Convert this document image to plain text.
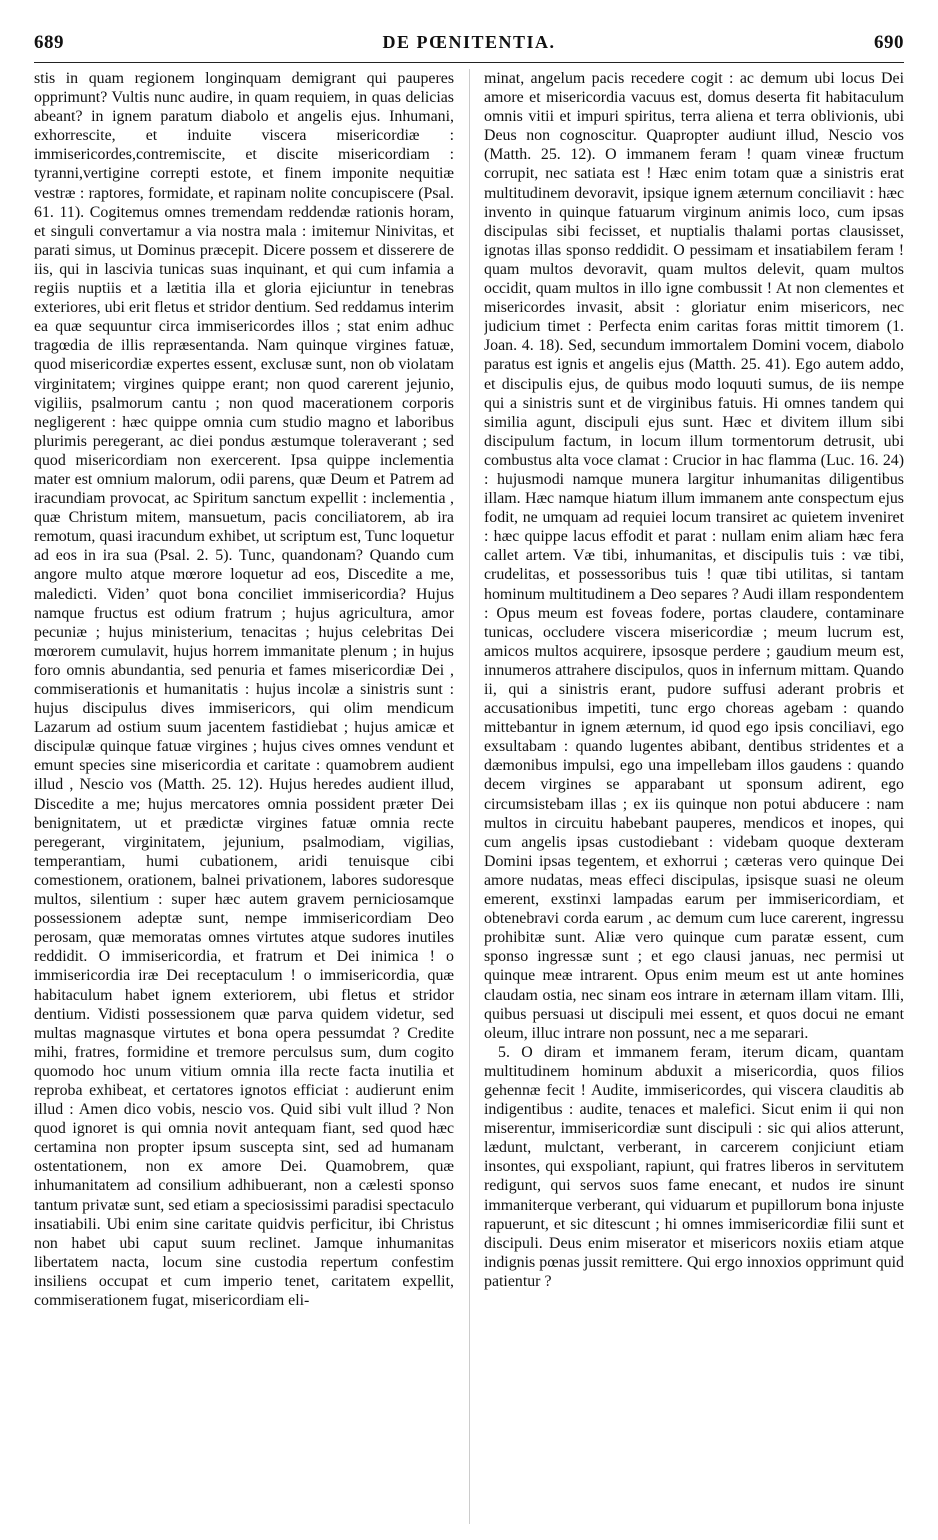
689	DE PŒNITENTIA.	690

stis in quam regionem longinquam demigrant qui pauperes opprimunt? Vultis nunc audire, in quam requiem, in quas delicias abeant? in ignem paratum diabolo et angelis ejus. Inhumani, exhorrescite, et induite viscera misericordiæ : immisericordes,contremiscite, et discite misericordiam : tyranni,vertigine correpti estote, et finem imponite nequitiæ vestræ : raptores, formidate, et rapinam nolite concupiscere (Psal. 61. 11). Cogitemus omnes tremendam reddendæ rationis horam, et singuli convertamur a via nostra mala : imitemur Ninivitas, et parati simus, ut Dominus præcepit. Dicere possem et disserere de iis, qui in lascivia tunicas suas inquinant, et qui cum infamia a regiis nuptiis et a lætitia illa et gloria ejiciuntur in tenebras exteriores, ubi erit fletus et stridor dentium. Sed reddamus interim ea quæ sequuntur circa immisericordes illos ; stat enim adhuc tragœdia de illis repræsentanda. Nam quinque virgines fatuæ, quod misericordiæ expertes essent, exclusæ sunt, non ob violatam virginitatem; virgines quippe erant; non quod carerent jejunio, vigiliis, psalmorum cantu ; non quod macerationem corporis negligerent : hæc quippe omnia cum studio magno et laboribus plurimis peregerant, ac diei pondus æstumque toleraverant ; sed quod misericordiam non exercerent. Ipsa quippe inclementia mater est omnium malorum, odii parens, quæ Deum et Patrem ad iracundiam provocat, ac Spiritum sanctum expellit : inclementia , quæ Christum mitem, mansuetum, pacis conciliatorem, ab ira remotum, quasi iracundum exhibet, ut scriptum est, Tunc loquetur ad eos in ira sua (Psal. 2. 5). Tunc, quandonam? Quando cum angore multo atque mœrore loquetur ad eos, Discedite a me, maledicti. Viden’ quot bona conciliet immisericordia? Hujus namque fructus est odium fratrum ; hujus agricultura, amor pecuniæ ; hujus ministerium, tenacitas ; hujus celebritas Dei mœrorem cumulavit, hujus horrem immanitate plenum ; in hujus foro omnis abundantia, sed penuria et fames misericordiæ Dei , commiserationis et humanitatis : hujus incolæ a sinistris sunt : hujus discipulus dives immisericors, qui olim mendicum Lazarum ad ostium suum jacentem fastidiebat ; hujus amicæ et discipulæ quinque fatuæ virgines ; hujus cives omnes vendunt et emunt species sine misericordia et caritate : quamobrem audient illud , Nescio vos (Matth. 25. 12). Hujus heredes audient illud, Discedite a me; hujus mercatores omnia possident præter Dei benignitatem, ut et prædictæ virgines fatuæ omnia recte peregerant, virginitatem, jejunium, psalmodiam, vigilias, temperantiam, humi cubationem, aridi tenuisque cibi comestionem, orationem, balnei privationem, labores sudoresque multos, silentium : super hæc autem gravem perniciosamque possessionem adeptæ sunt, nempe immisericordiam Deo perosam, quæ memoratas omnes virtutes atque sudores inutiles reddidit. O immisericordia, et fratrum et Dei inimica ! o immisericordia iræ Dei receptaculum ! o immisericordia, quæ habitaculum habet ignem exteriorem, ubi fletus et stridor dentium. Vidisti possessionem quæ parva quidem videtur, sed multas magnasque virtutes et bona opera pessumdat ? Credite mihi, fratres, formidine et tremore perculsus sum, dum cogito quomodo hoc unum vitium omnia illa recte facta inutilia et reproba exhibeat, et certatores ignotos efficiat : audierunt enim illud : Amen dico vobis, nescio vos. Quid sibi vult illud ? Non quod ignoret is qui omnia novit antequam fiant, sed quod hæc certamina non propter ipsum suscepta sint, sed ad humanam ostentationem, non ex amore Dei. Quamobrem, quæ inhumanitatem ad consilium adhibuerant, non a cælesti sponso tantum privatæ sunt, sed etiam a speciosissimi paradisi spectaculo insatiabili. Ubi enim sine caritate quidvis perficitur, ibi Christus non habet ubi caput suum reclinet. Jamque inhumanitas libertatem nacta, locum sine custodia repertum confestim insiliens occupat et cum imperio tenet, caritatem expellit, commiserationem fugat, misericordiam eli-

minat, angelum pacis recedere cogit : ac demum ubi locus Dei amore et misericordia vacuus est, domus deserta fit habitaculum omnis vitii et impuri spiritus, terra aliena et terra oblivionis, ubi Deus non cognoscitur. Quapropter audiunt illud, Nescio vos (Matth. 25. 12). O immanem feram ! quam vineæ fructum corrupit, nec satiata est ! Hæc enim totam quæ a sinistris erat multitudinem devoravit, ipsique ignem æternum conciliavit : hæc invento in quinque fatuarum virginum animis loco, cum ipsas discipulas sibi fecisset, et nuptialis thalami portas clausisset, ignotas illas sponso reddidit. O pessimam et insatiabilem feram ! quam multos devoravit, quam multos delevit, quam multos occidit, quam multos in illo igne combussit ! At non clementes et misericordes invasit, absit : gloriatur enim misericors, nec judicium timet : Perfecta enim caritas foras mittit timorem (1. Joan. 4. 18). Sed, secundum immortalem Domini vocem, diabolo paratus est ignis et angelis ejus (Matth. 25. 41). Ego autem addo, et discipulis ejus, de quibus modo loquuti sumus, de iis nempe qui a sinistris sunt et de virginibus fatuis. Hi omnes tandem qui similia agunt, discipuli ejus sunt. Hæc et divitem illum sibi discipulum factum, in locum illum tormentorum detrusit, ubi combustus alta voce clamat : Crucior in hac flamma (Luc. 16. 24) : hujusmodi namque munera largitur inhumanitas diligentibus illam. Hæc namque hiatum illum immanem ante conspectum ejus fodit, ne umquam ad requiei locum transiret ac quietem inveniret : hæc quippe lacus effodit et parat : nullam enim aliam hæc fera callet artem. Væ tibi, inhumanitas, et discipulis tuis : væ tibi, crudelitas, et possessoribus tuis ! quæ tibi utilitas, si tantam hominum multitudinem a Deo separes ? Audi illam respondentem : Opus meum est foveas fodere, portas claudere, contaminare tunicas, occludere viscera misericordiæ ; meum lucrum est, amicos multos acquirere, ipsosque perdere ; gaudium meum est, innumeros attrahere discipulos, quos in infernum mittam. Quando ii, qui a sinistris erant, pudore suffusi aderant probris et accusationibus impetiti, tunc ergo choreas agebam : quando mittebantur in ignem æternum, id quod ego ipsis conciliavi, ego exsultabam : quando lugentes abibant, dentibus stridentes et a dæmonibus impulsi, ego una impellebam illos gaudens : quando decem virgines se apparabant ut sponsum adirent, ego circumsistebam illas ; ex iis quinque non potui abducere : nam multos in circuitu habebant pauperes, mendicos et inopes, qui cum angelis ipsas custodiebant : videbam quoque dexteram Domini ipsas tegentem, et exhorrui ; cæteras vero quinque Dei amore nudatas, meas effeci discipulas, ipsisque suasi ne oleum emerent, exstinxi lampadas earum per immisericordiam, et obtenebravi corda earum , ac demum cum luce carerent, ingressu prohibitæ sunt. Aliæ vero quinque cum paratæ essent, cum sponso ingressæ sunt ; et ego clausi januas, nec permisi ut quinque meæ intrarent. Opus enim meum est ut ante homines claudam ostia, nec sinam eos intrare in æternam illam vitam. Illi, quibus persuasi ut discipuli mei essent, et quos docui ne emant oleum, illuc intrare non possunt, nec a me separari.

5. O diram et immanem feram, iterum dicam, quantam multitudinem hominum abduxit a misericordia, quos filios gehennæ fecit ! Audite, immisericordes, qui viscera clauditis ab indigentibus : audite, tenaces et malefici. Sicut enim ii qui non miserentur, immisericordiæ sunt discipuli : sic qui alios atterunt, lædunt, mulctant, verberant, in carcerem conjiciunt etiam insontes, qui exspoliant, rapiunt, qui fratres liberos in servitutem redigunt, qui servos suos fame enecant, et nudos ire sinunt immaniterque verberant, qui viduarum et pupillorum bona injuste rapuerunt, et sic ditescunt ; hi omnes immisericordiæ filii sunt et discipuli. Deus enim miserator et misericors noxiis etiam atque indignis pœnas jussit remittere. Qui ergo innoxios opprimunt quid patientur ?
